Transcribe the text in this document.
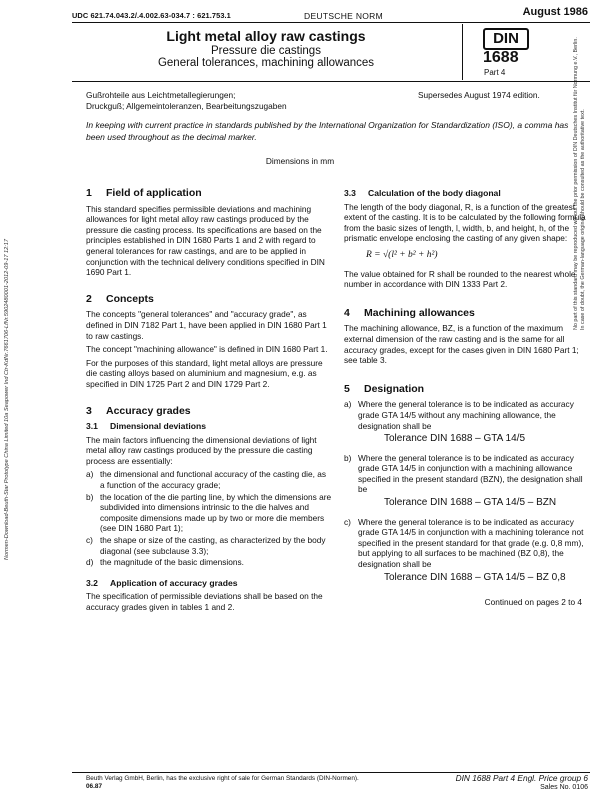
Normen-Download-Beuth-Star Prototype China Limited 10a Seapower Ind Ctr-KdNr.7661706-LfNr.5902480001-2012-09-17 12:17
No part of this standard may be reproduced without the prior permission of DIN Deutsches Institut für Normung e.V., Berlin. In case of doubt, the German-language original should be consulted as the authoritative text.
UDC 621.74.043.2/.4.002.63-034.7 : 621.753.1	DEUTSCHE NORM	August 1986
Light metal alloy raw castings
Pressure die castings
General tolerances, machining allowances
DIN
1688
Part 4
Gußrohteile aus Leichtmetallegierungen;
Druckguß; Allgemeintoleranzen, Bearbeitungszugaben
Supersedes August 1974 edition.
In keeping with current practice in standards published by the International Organization for Standardization (ISO), a comma has been used throughout as the decimal marker.
Dimensions in mm
1 Field of application

This standard specifies permissible deviations and machining allowances for light metal alloy raw castings produced by the pressure die casting process. Its specifications are based on the principles established in DIN 1680 Parts 1 and 2 with regard to general tolerances for raw castings, and are to be applied in conjunction with the technical delivery conditions specified in DIN 1690 Part 1.

2 Concepts

The concepts "general tolerances" and "accuracy grade", as defined in DIN 7182 Part 1, have been applied in DIN 1680 Part 1 to raw castings.

The concept "machining allowance" is defined in DIN 1680 Part 1.

For the purposes of this standard, light metal alloys are pressure die casting alloys based on aluminium and magnesium, e.g. as specified in DIN 1725 Part 2 and DIN 1729 Part 2.

3 Accuracy grades
3.1 Dimensional deviations

The main factors influencing the dimensional deviations of light metal alloy raw castings produced by the pressure die casting process are essentially:

a) the dimensional and functional accuracy of the casting die, as a function of the accuracy grade;
b) the location of the die parting line, by which the dimensions are subdivided into dimensions intrinsic to the die halves and composite dimensions made up by two or more die members (see DIN 1680 Part 1);
c) the shape or size of the casting, as characterized by the body diagonal (see subclause 3.3);
d) the magnitude of the basic dimensions.
3.2 Application of accuracy grades

The specification of permissible deviations shall be based on the accuracy grades given in tables 1 and 2.

3.3 Calculation of the body diagonal

The length of the body diagonal, R, is a function of the greatest extent of the casting. It is to be calculated by the following formula from the basic sizes of length, l, width, b, and height, h, of the prismatic envelope enclosing the casting of any given shape:

R = √(l² + b² + h²)

The value obtained for R shall be rounded to the nearest whole number in accordance with DIN 1333 Part 2.

4 Machining allowances

The machining allowance, BZ, is a function of the maximum external dimension of the raw casting and is the same for all accuracy grades, except for the cases given in DIN 1680 Part 1; see table 3.

5 Designation
a) Where the general tolerance is to be indicated as accuracy grade GTA 14/5 without any machining allowance, the designation shall be
Tolerance DIN 1688 – GTA 14/5
b) Where the general tolerance is to be indicated as accuracy grade GTA 14/5 in conjunction with a machining allowance specified in the present standard (BZN), the designation shall be
Tolerance DIN 1688 – GTA 14/5 – BZN
c) Where the general tolerance is to be indicated as accuracy grade GTA 14/5 in conjunction with a machining tolerance not specified in the present standard for that grade (e.g. 0,8 mm), but applying to all surfaces to be machined (BZ 0,8), the designation shall be
Tolerance DIN 1688 – GTA 14/5 – BZ 0,8
Continued on pages 2 to 4
Beuth Verlag GmbH, Berlin, has the exclusive right of sale for German Standards (DIN-Normen).
06.87
DIN 1688 Part 4 Engl. Price group 6
Sales No. 0106
